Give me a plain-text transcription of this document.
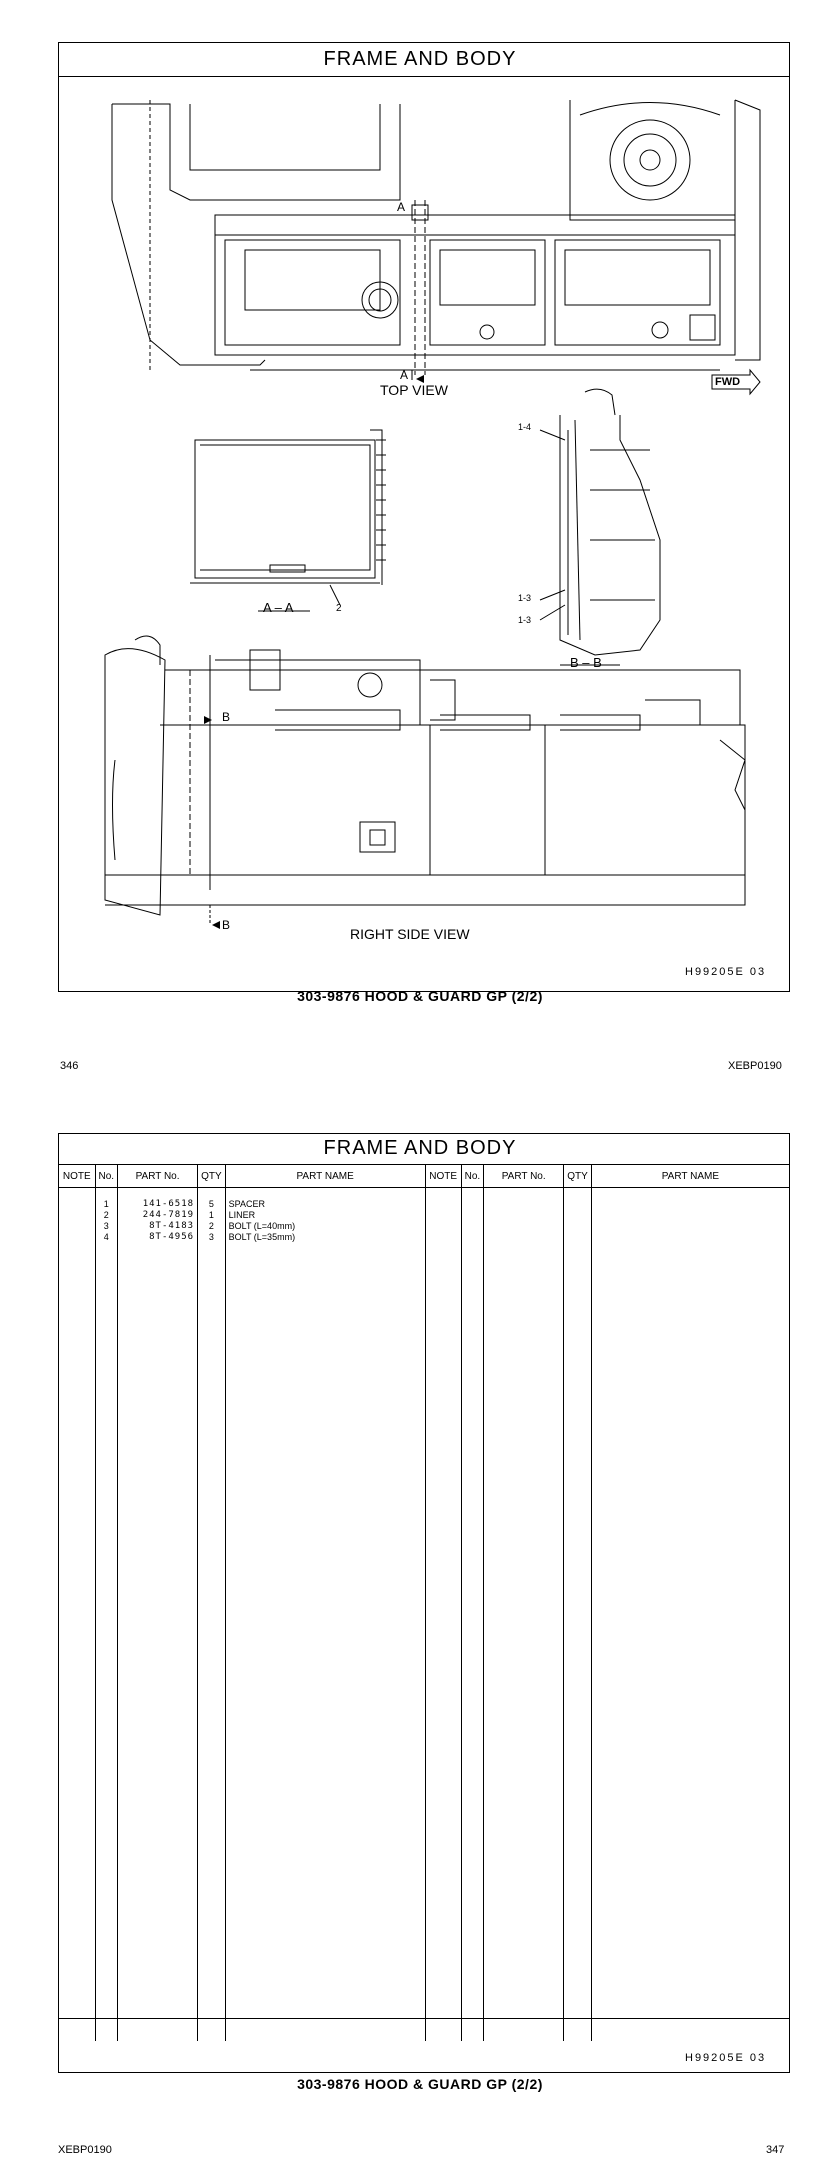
FRAME AND BODY
TOP VIEW	FWD
A
A
A – A	2
1-4
1-3
1-3
B – B
B
B
RIGHT SIDE VIEW
H99205E 03
303-9876 HOOD & GUARD GP (2/2)
346	XEBP0190
FRAME AND BODY
NOTE	No.	PART No.	QTY	PART NAME	NOTE	No.	PART No.	QTY	PART NAME

	1	141-6518	5	SPACER					
	2	244-7819	1	LINER					
	3	8T-4183	2	BOLT (L=40mm)					
	4	8T-4956	3	BOLT (L=35mm)					

H99205E 03
303-9876 HOOD & GUARD GP (2/2)
XEBP0190	347
